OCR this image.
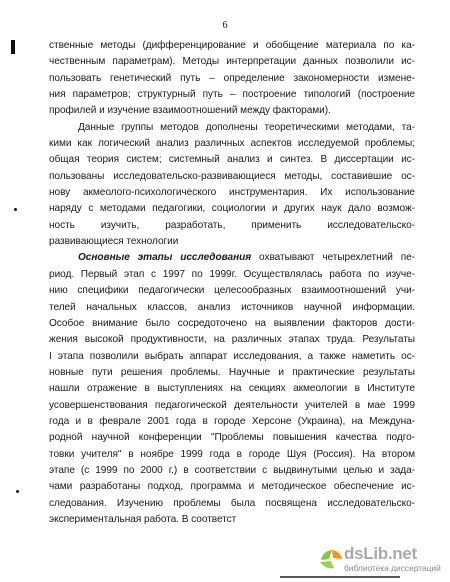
6

ственные методы (дифференцирование и обобщение материала по ка-
чественным параметрам). Методы интерпретации данных позволили ис-
пользовать генетический путь – определение закономерности измене-
ния параметров; структурный путь – построение типологий (построение
профилей и изучение взаимоотношений между факторами).

Данные группы методов дополнены теоретическими методами, та-
кими как логический анализ различных аспектов исследуемой проблемы;
общая теория систем; системный анализ и синтез. В диссертации ис-
пользованы исследовательско-развивающиеся методы, составившие ос-
нову акмеолого-психологического инструментария. Их использование
наряду с методами педагогики, социологии и других наук дало возмож-
ность изучить, разработать, применить исследовательско-
развивающиеся технологии

Основные этапы исследования охватывают четырехлетний пе-
риод. Первый этап с 1997 по 1999г. Осуществлялась работа по изуче-
нию специфики педагогически целесообразных взаимоотношений учи-
телей начальных классов, анализ источников научной информации.
Особое внимание было сосредоточено на выявлении факторов дости-
жения высокой продуктивности, на различных этапах труда. Результаты
I этапа позволили выбрать аппарат исследования, а также наметить ос-
новные пути решения проблемы. Научные и практические результаты
нашли отражение в выступлениях на секциях акмеологии в Институте
усовершенствования педагогической деятельности учителей в мае 1999
года и в феврале 2001 года в городе Херсоне (Украина), на Междуна-
родной научной конференции "Проблемы повышения качества подго-
товки учителя" в ноябре 1999 года в городе Шуя (Россия). На втором
этапе (с 1999 по 2000 г.) в соответствии с выдвинутыми целью и зада-
чами разработаны подход, программа и методическое обеспечение ис-
следования. Изучению проблемы была посвящена исследовательско-
экспериментальная работа. В соответст

dsLib.net
библиотека диссертаций
